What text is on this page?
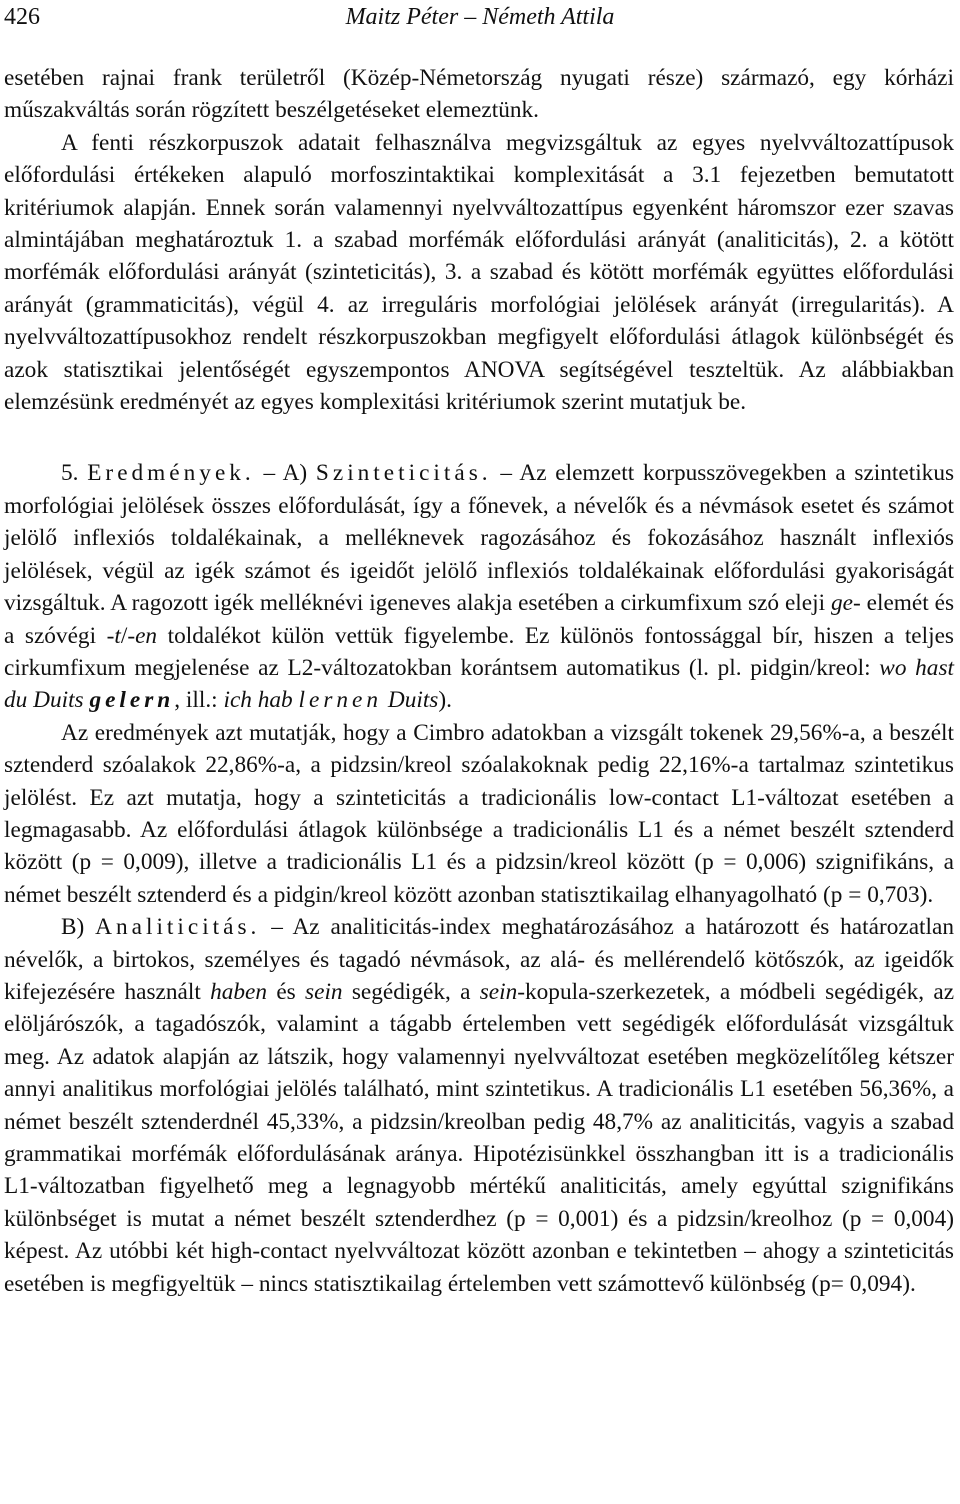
426	Maitz Péter – Németh Attila

esetében rajnai frank területről (Közép-Németország nyugati része) származó, egy kórházi műszakváltás során rögzített beszélgetéseket elemeztünk.

A fenti részkorpuszok adatait felhasználva megvizsgáltuk az egyes nyelvváltozattípusok előfordulási értékeken alapuló morfoszintaktikai komplexitását a 3.1 fejezetben bemutatott kritériumok alapján. Ennek során valamennyi nyelvváltozattípus egyenként háromszor ezer szavas almintájában meghatároztuk 1. a szabad morfémák előfordulási arányát (analiticitás), 2. a kötött morfémák előfordulási arányát (szinteticitás), 3. a szabad és kötött morfémák együttes előfordulási arányát (grammaticitás), végül 4. az irreguláris morfológiai jelölések arányát (irregularitás). A nyelvváltozattípusokhoz rendelt részkorpuszokban megfigyelt előfordulási átlagok különbségét és azok statisztikai jelentőségét egyszempontos ANOVA segítségével teszteltük. Az alábbiakban elemzésünk eredményét az egyes komplexitási kritériumok szerint mutatjuk be.

5. Eredmények. – A) Szinteticitás. – Az elemzett korpusszövegekben a szintetikus morfológiai jelölések összes előfordulását, így a főnevek, a névelők és a névmások esetet és számot jelölő inflexiós toldalékainak, a melléknevek ragozásához és fokozásához használt inflexiós jelölések, végül az igék számot és igeidőt jelölő inflexiós toldalékainak előfordulási gyakoriságát vizsgáltuk. A ragozott igék melléknévi igeneves alakja esetében a cirkumfixum szó eleji ge- elemét és a szóvégi -t/-en toldalékot külön vettük figyelembe. Ez különös fontossággal bír, hiszen a teljes cirkumfixum megjelenése az L2-változatokban korántsem automatikus (l. pl. pidgin/kreol: wo hast du Duits gelern, ill.: ich hab lernen Duits).

Az eredmények azt mutatják, hogy a Cimbro adatokban a vizsgált tokenek 29,56%-a, a beszélt sztenderd szóalakok 22,86%-a, a pidzsin/kreol szóalakoknak pedig 22,16%-a tartalmaz szintetikus jelölést. Ez azt mutatja, hogy a szinteticitás a tradicionális low-contact L1-változat esetében a legmagasabb. Az előfordulási átlagok különbsége a tradicionális L1 és a német beszélt sztenderd között (p = 0,009), illetve a tradicionális L1 és a pidzsin/kreol között (p = 0,006) szignifikáns, a német beszélt sztenderd és a pidgin/kreol között azonban statisztikailag elhanyagolható (p = 0,703).

B) Analiticitás. – Az analiticitás-index meghatározásához a határozott és határozatlan névelők, a birtokos, személyes és tagadó névmások, az alá- és mellérendelő kötőszók, az igeidők kifejezésére használt haben és sein segédigék, a sein-kopula-szerkezetek, a módbeli segédigék, az elöljárószók, a tagadószók, valamint a tágabb értelemben vett segédigék előfordulását vizsgáltuk meg. Az adatok alapján az látszik, hogy valamennyi nyelvváltozat esetében megközelítőleg kétszer annyi analitikus morfológiai jelölés található, mint szintetikus. A tradicionális L1 esetében 56,36%, a német beszélt sztenderdnél 45,33%, a pidzsin/kreolban pedig 48,7% az analiticitás, vagyis a szabad grammatikai morfémák előfordulásának aránya. Hipotézisünkkel összhangban itt is a tradicionális L1-változatban figyelhető meg a legnagyobb mértékű analiticitás, amely egyúttal szignifikáns különbséget is mutat a német beszélt sztenderdhez (p = 0,001) és a pidzsin/kreolhoz (p = 0,004) képest. Az utóbbi két high-contact nyelvváltozat között azonban e tekintetben – ahogy a szinteticitás esetében is megfigyeltük – nincs statisztikailag értelemben vett számottevő különbség (p= 0,094).
